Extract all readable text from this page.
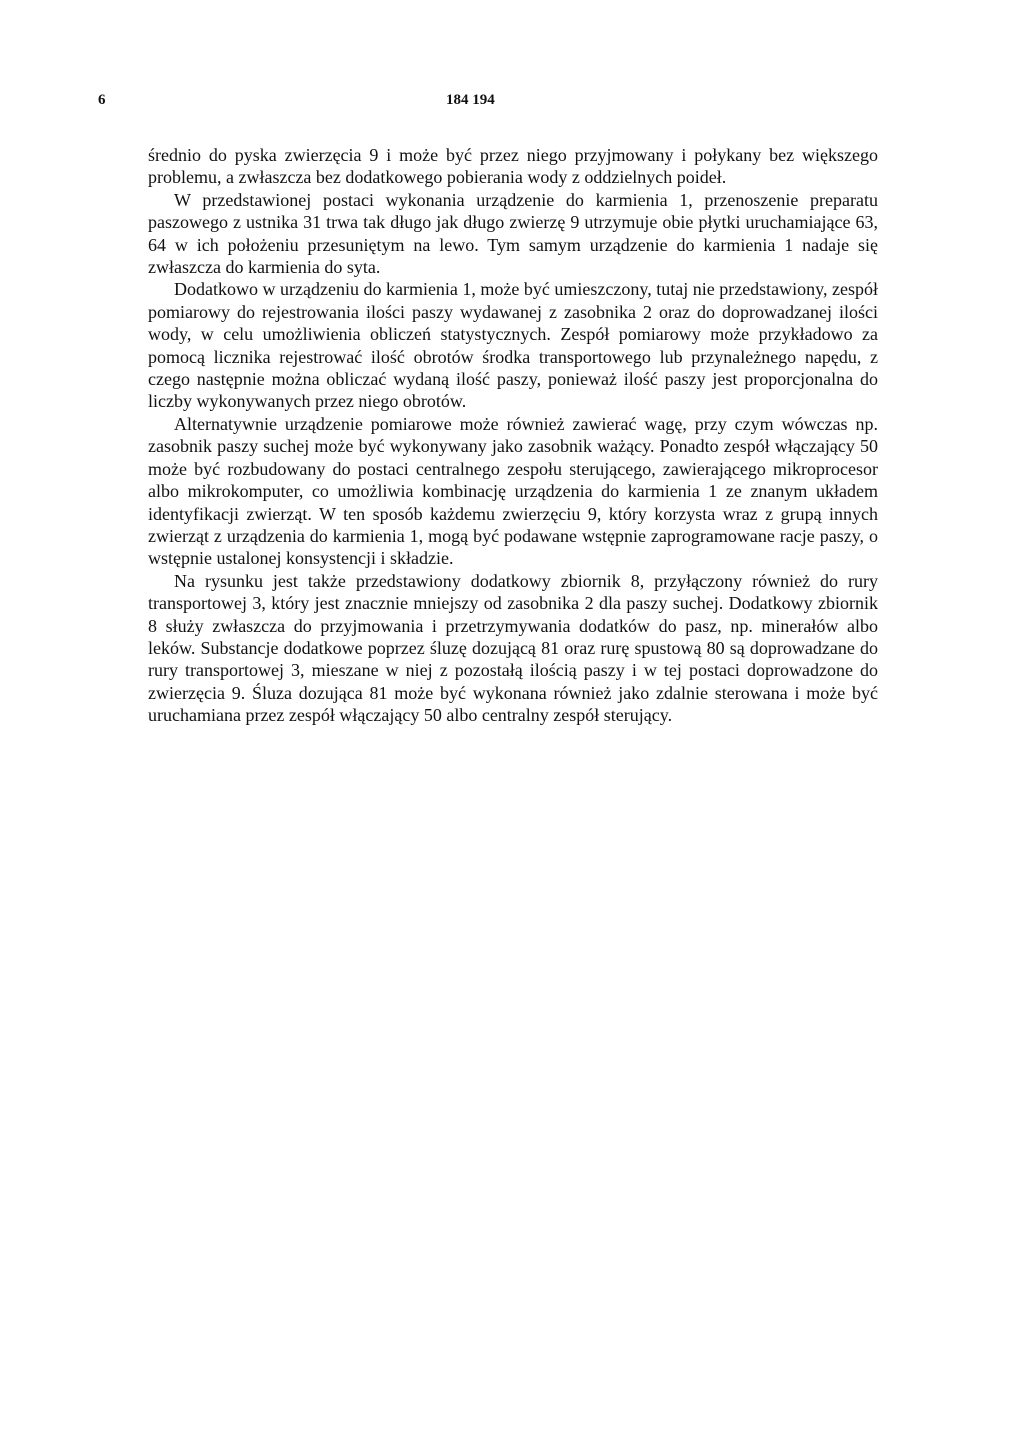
6	184 194

średnio do pyska zwierzęcia 9 i może być przez niego przyjmowany i połykany bez większego problemu, a zwłaszcza bez dodatkowego pobierania wody z oddzielnych poideł.

W przedstawionej postaci wykonania urządzenie do karmienia 1, przenoszenie preparatu paszowego z ustnika 31 trwa tak długo jak długo zwierzę 9 utrzymuje obie płytki uruchamiające 63, 64 w ich położeniu przesuniętym na lewo. Tym samym urządzenie do karmienia 1 nadaje się zwłaszcza do karmienia do syta.

Dodatkowo w urządzeniu do karmienia 1, może być umieszczony, tutaj nie przedstawiony, zespół pomiarowy do rejestrowania ilości paszy wydawanej z zasobnika 2 oraz do doprowadzanej ilości wody, w celu umożliwienia obliczeń statystycznych. Zespół pomiarowy może przykładowo za pomocą licznika rejestrować ilość obrotów środka transportowego lub przynależnego napędu, z czego następnie można obliczać wydaną ilość paszy, ponieważ ilość paszy jest proporcjonalna do liczby wykonywanych przez niego obrotów.

Alternatywnie urządzenie pomiarowe może również zawierać wagę, przy czym wówczas np. zasobnik paszy suchej może być wykonywany jako zasobnik ważący. Ponadto zespół włączający 50 może być rozbudowany do postaci centralnego zespołu sterującego, zawierającego mikroprocesor albo mikrokomputer, co umożliwia kombinację urządzenia do karmienia 1 ze znanym układem identyfikacji zwierząt. W ten sposób każdemu zwierzęciu 9, który korzysta wraz z grupą innych zwierząt z urządzenia do karmienia 1, mogą być podawane wstępnie zaprogramowane racje paszy, o wstępnie ustalonej konsystencji i składzie.

Na rysunku jest także przedstawiony dodatkowy zbiornik 8, przyłączony również do rury transportowej 3, który jest znacznie mniejszy od zasobnika 2 dla paszy suchej. Dodatkowy zbiornik 8 służy zwłaszcza do przyjmowania i przetrzymywania dodatków do pasz, np. minerałów albo leków. Substancje dodatkowe poprzez śluzę dozującą 81 oraz rurę spustową 80 są doprowadzane do rury transportowej 3, mieszane w niej z pozostałą ilością paszy i w tej postaci doprowadzone do zwierzęcia 9. Śluza dozująca 81 może być wykonana również jako zdalnie sterowana i może być uruchamiana przez zespół włączający 50 albo centralny zespół sterujący.
